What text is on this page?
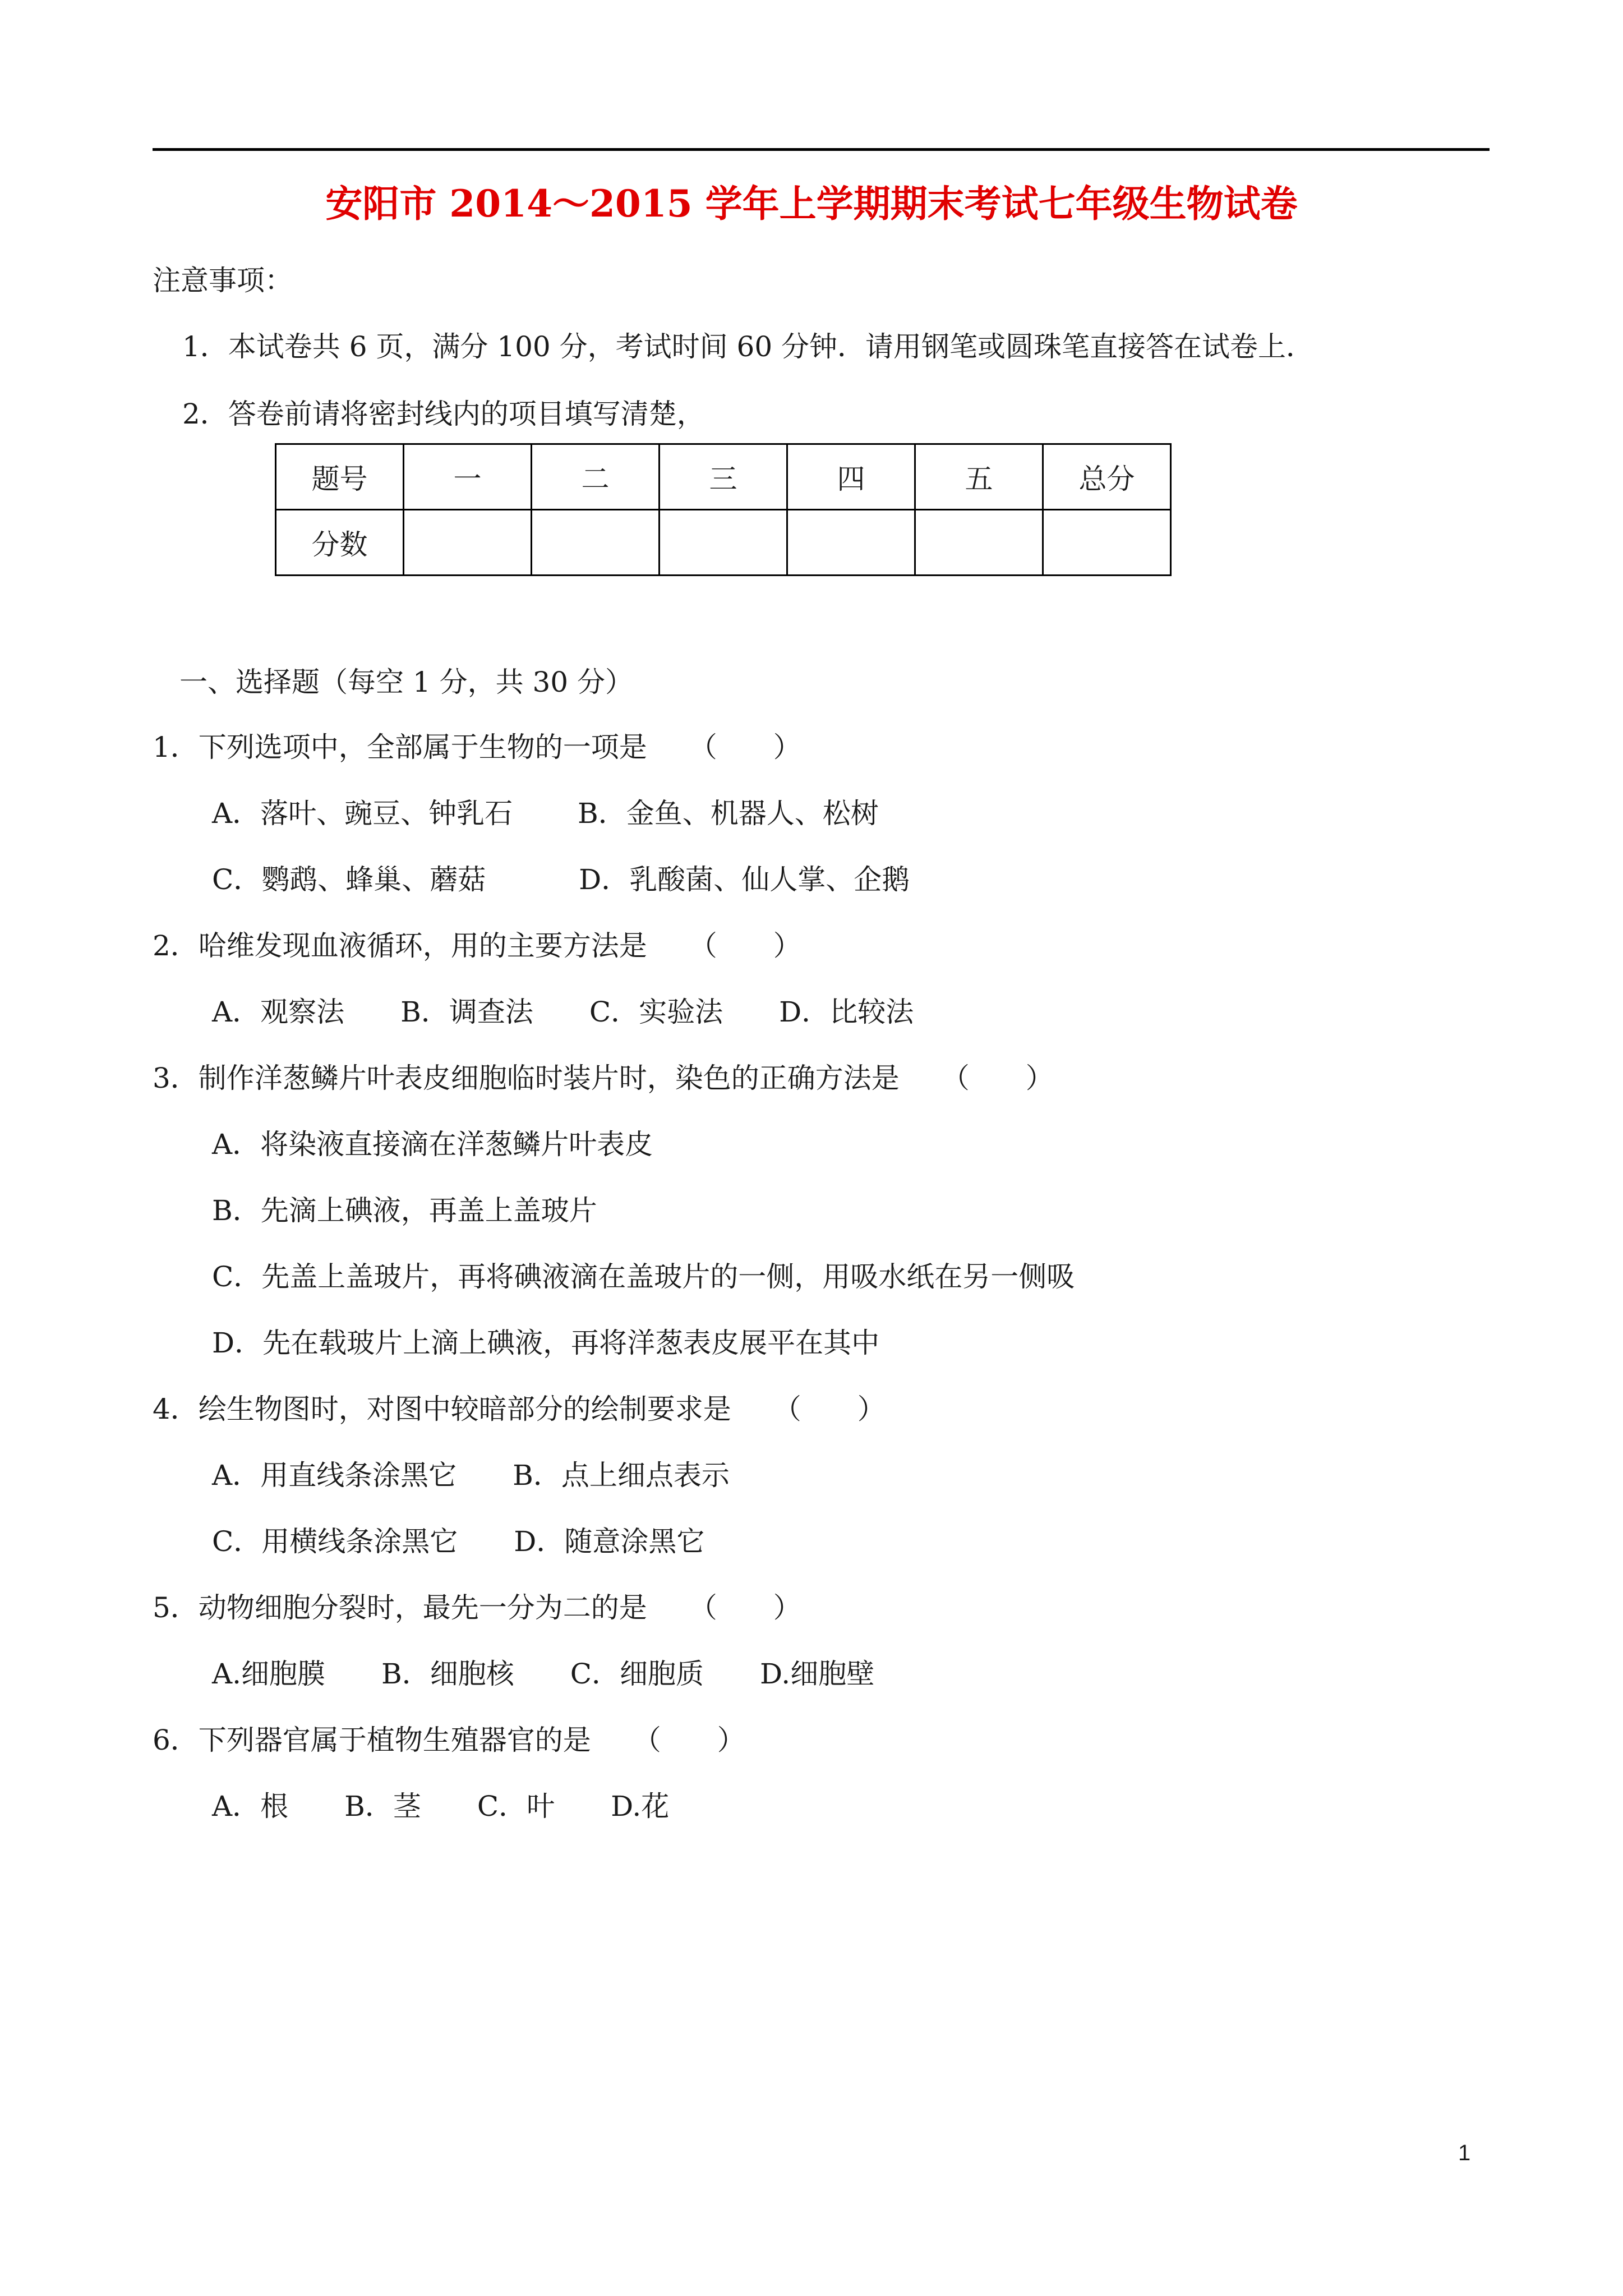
安阳市 2014～2015 学年上学期期末考试七年级生物试卷
注意事项：
1．本试卷共 6 页，满分 100 分，考试时间 60 分钟．请用钢笔或圆珠笔直接答在试卷上．
2．答卷前请将密封线内的项目填写清楚，
题号	一	二	三	四	五	总分
分数						
一、选择题（每空 1 分，共 30 分）
1．下列选项中，全部属于生物的一项是　　（　　）
A．落叶、豌豆、钟乳石　　 B．金鱼、机器人、松树
C．鹦鹉、蜂巢、蘑菇　　　 D．乳酸菌、仙人掌、企鹅
2．哈维发现血液循环，用的主要方法是　　（　　）
A．观察法　　B．调查法　　C．实验法　　D．比较法
3．制作洋葱鳞片叶表皮细胞临时装片时，染色的正确方法是　　（　　）
A．将染液直接滴在洋葱鳞片叶表皮
B．先滴上碘液，再盖上盖玻片
C．先盖上盖玻片，再将碘液滴在盖玻片的一侧，用吸水纸在另一侧吸
D．先在载玻片上滴上碘液，再将洋葱表皮展平在其中
4．绘生物图时，对图中较暗部分的绘制要求是　　（　　）
A．用直线条涂黑它　　B．点上细点表示
C．用横线条涂黑它　　D．随意涂黑它
5．动物细胞分裂时，最先一分为二的是　　（　　）
A.细胞膜　　B．细胞核　　C．细胞质　　D.细胞壁
6．下列器官属于植物生殖器官的是　　（　　）
A．根　　B．茎　　C．叶　　D.花
1
